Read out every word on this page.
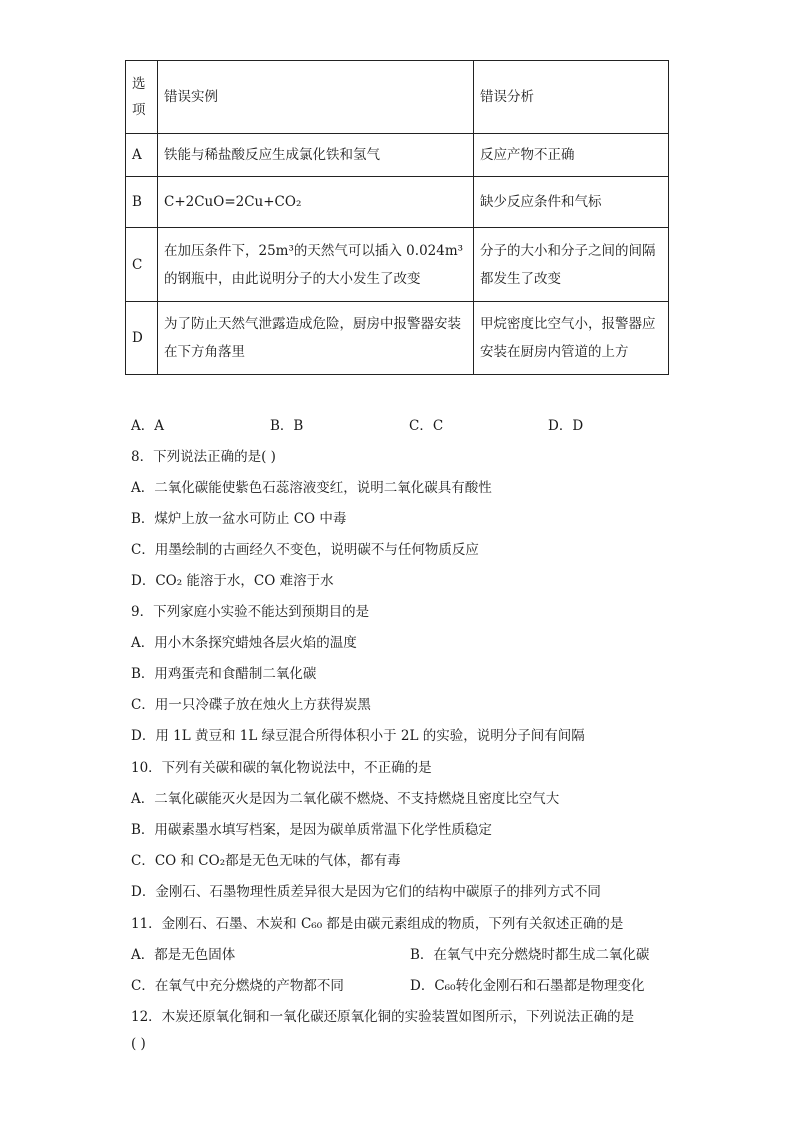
选项	错误实例	错误分析
A	铁能与稀盐酸反应生成氯化铁和氢气	反应产物不正确
B	C+2CuO=2Cu+CO₂	缺少反应条件和气标
C	在加压条件下，25m³的天然气可以插入 0.024m³的钢瓶中，由此说明分子的大小发生了改变	分子的大小和分子之间的间隔都发生了改变
D	为了防止天然气泄露造成危险，厨房中报警器安装在下方角落里	甲烷密度比空气小，报警器应安装在厨房内管道的上方
A．A	B．B	C．C	D．D
8．下列说法正确的是( )
A．二氧化碳能使紫色石蕊溶液变红，说明二氧化碳具有酸性
B．煤炉上放一盆水可防止 CO 中毒
C．用墨绘制的古画经久不变色，说明碳不与任何物质反应
D．CO₂ 能溶于水，CO 难溶于水
9．下列家庭小实验不能达到预期目的是
A．用小木条探究蜡烛各层火焰的温度
B．用鸡蛋壳和食醋制二氧化碳
C．用一只冷碟子放在烛火上方获得炭黑
D．用 1L 黄豆和 1L 绿豆混合所得体积小于 2L 的实验，说明分子间有间隔
10．下列有关碳和碳的氧化物说法中，不正确的是
A．二氧化碳能灭火是因为二氧化碳不燃烧、不支持燃烧且密度比空气大
B．用碳素墨水填写档案，是因为碳单质常温下化学性质稳定
C．CO 和 CO₂都是无色无味的气体，都有毒
D．金刚石、石墨物理性质差异很大是因为它们的结构中碳原子的排列方式不同
11．金刚石、石墨、木炭和 C₆₀ 都是由碳元素组成的物质，下列有关叙述正确的是
A．都是无色固体	B．在氧气中充分燃烧时都生成二氧化碳
C．在氧气中充分燃烧的产物都不同	D．C₆₀转化金刚石和石墨都是物理变化
12．木炭还原氧化铜和一氧化碳还原氧化铜的实验装置如图所示，下列说法正确的是
( )
